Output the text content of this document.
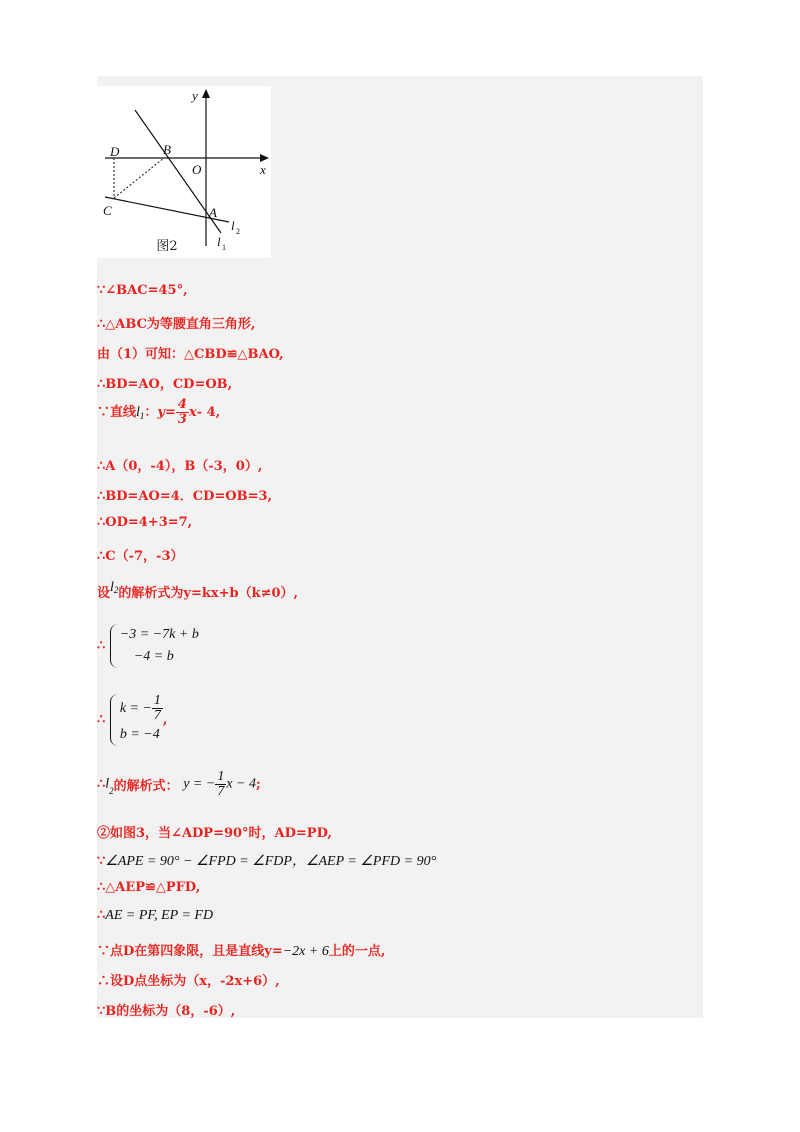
y
x
D	B
O
C	A
l 2
l 1
图2
∵∠BAC=45°,
∴△ABC为等腰直角三角形,
由（1）可知：△CBD≌△BAO,
∴BD=AO，CD=OB,
∵直线$l_1$：$y= \frac{4}{3} x-$ 4,
∴A（0，-4），B（-3，0）,
∴BD=AO=4．CD=OB=3,
∴OD=4+3=7,
∴C（-7，-3）
设$l^2$的解析式为y=kx+b（k≠0）,
∴
−3 = −7k + b
−4 = b
∴
k = − $\frac{1}{7}$
b = −4
,
$\therefore l_2$的解析式： y = − $\frac{1}{7}$ x − 4;
②如图3，当∠ADP=90°时，AD=PD,
∵∠APE = 90° − ∠FPD = ∠FDP，∠AEP = ∠PFD = 90°
∴△AEP≌△PFD,
∴AE = PF, EP = FD
∵点D在第四象限，且是直线y=−2x + 6上的一点,
∴设D点坐标为（x，-2x+6）,
∵B的坐标为（8，-6）,
